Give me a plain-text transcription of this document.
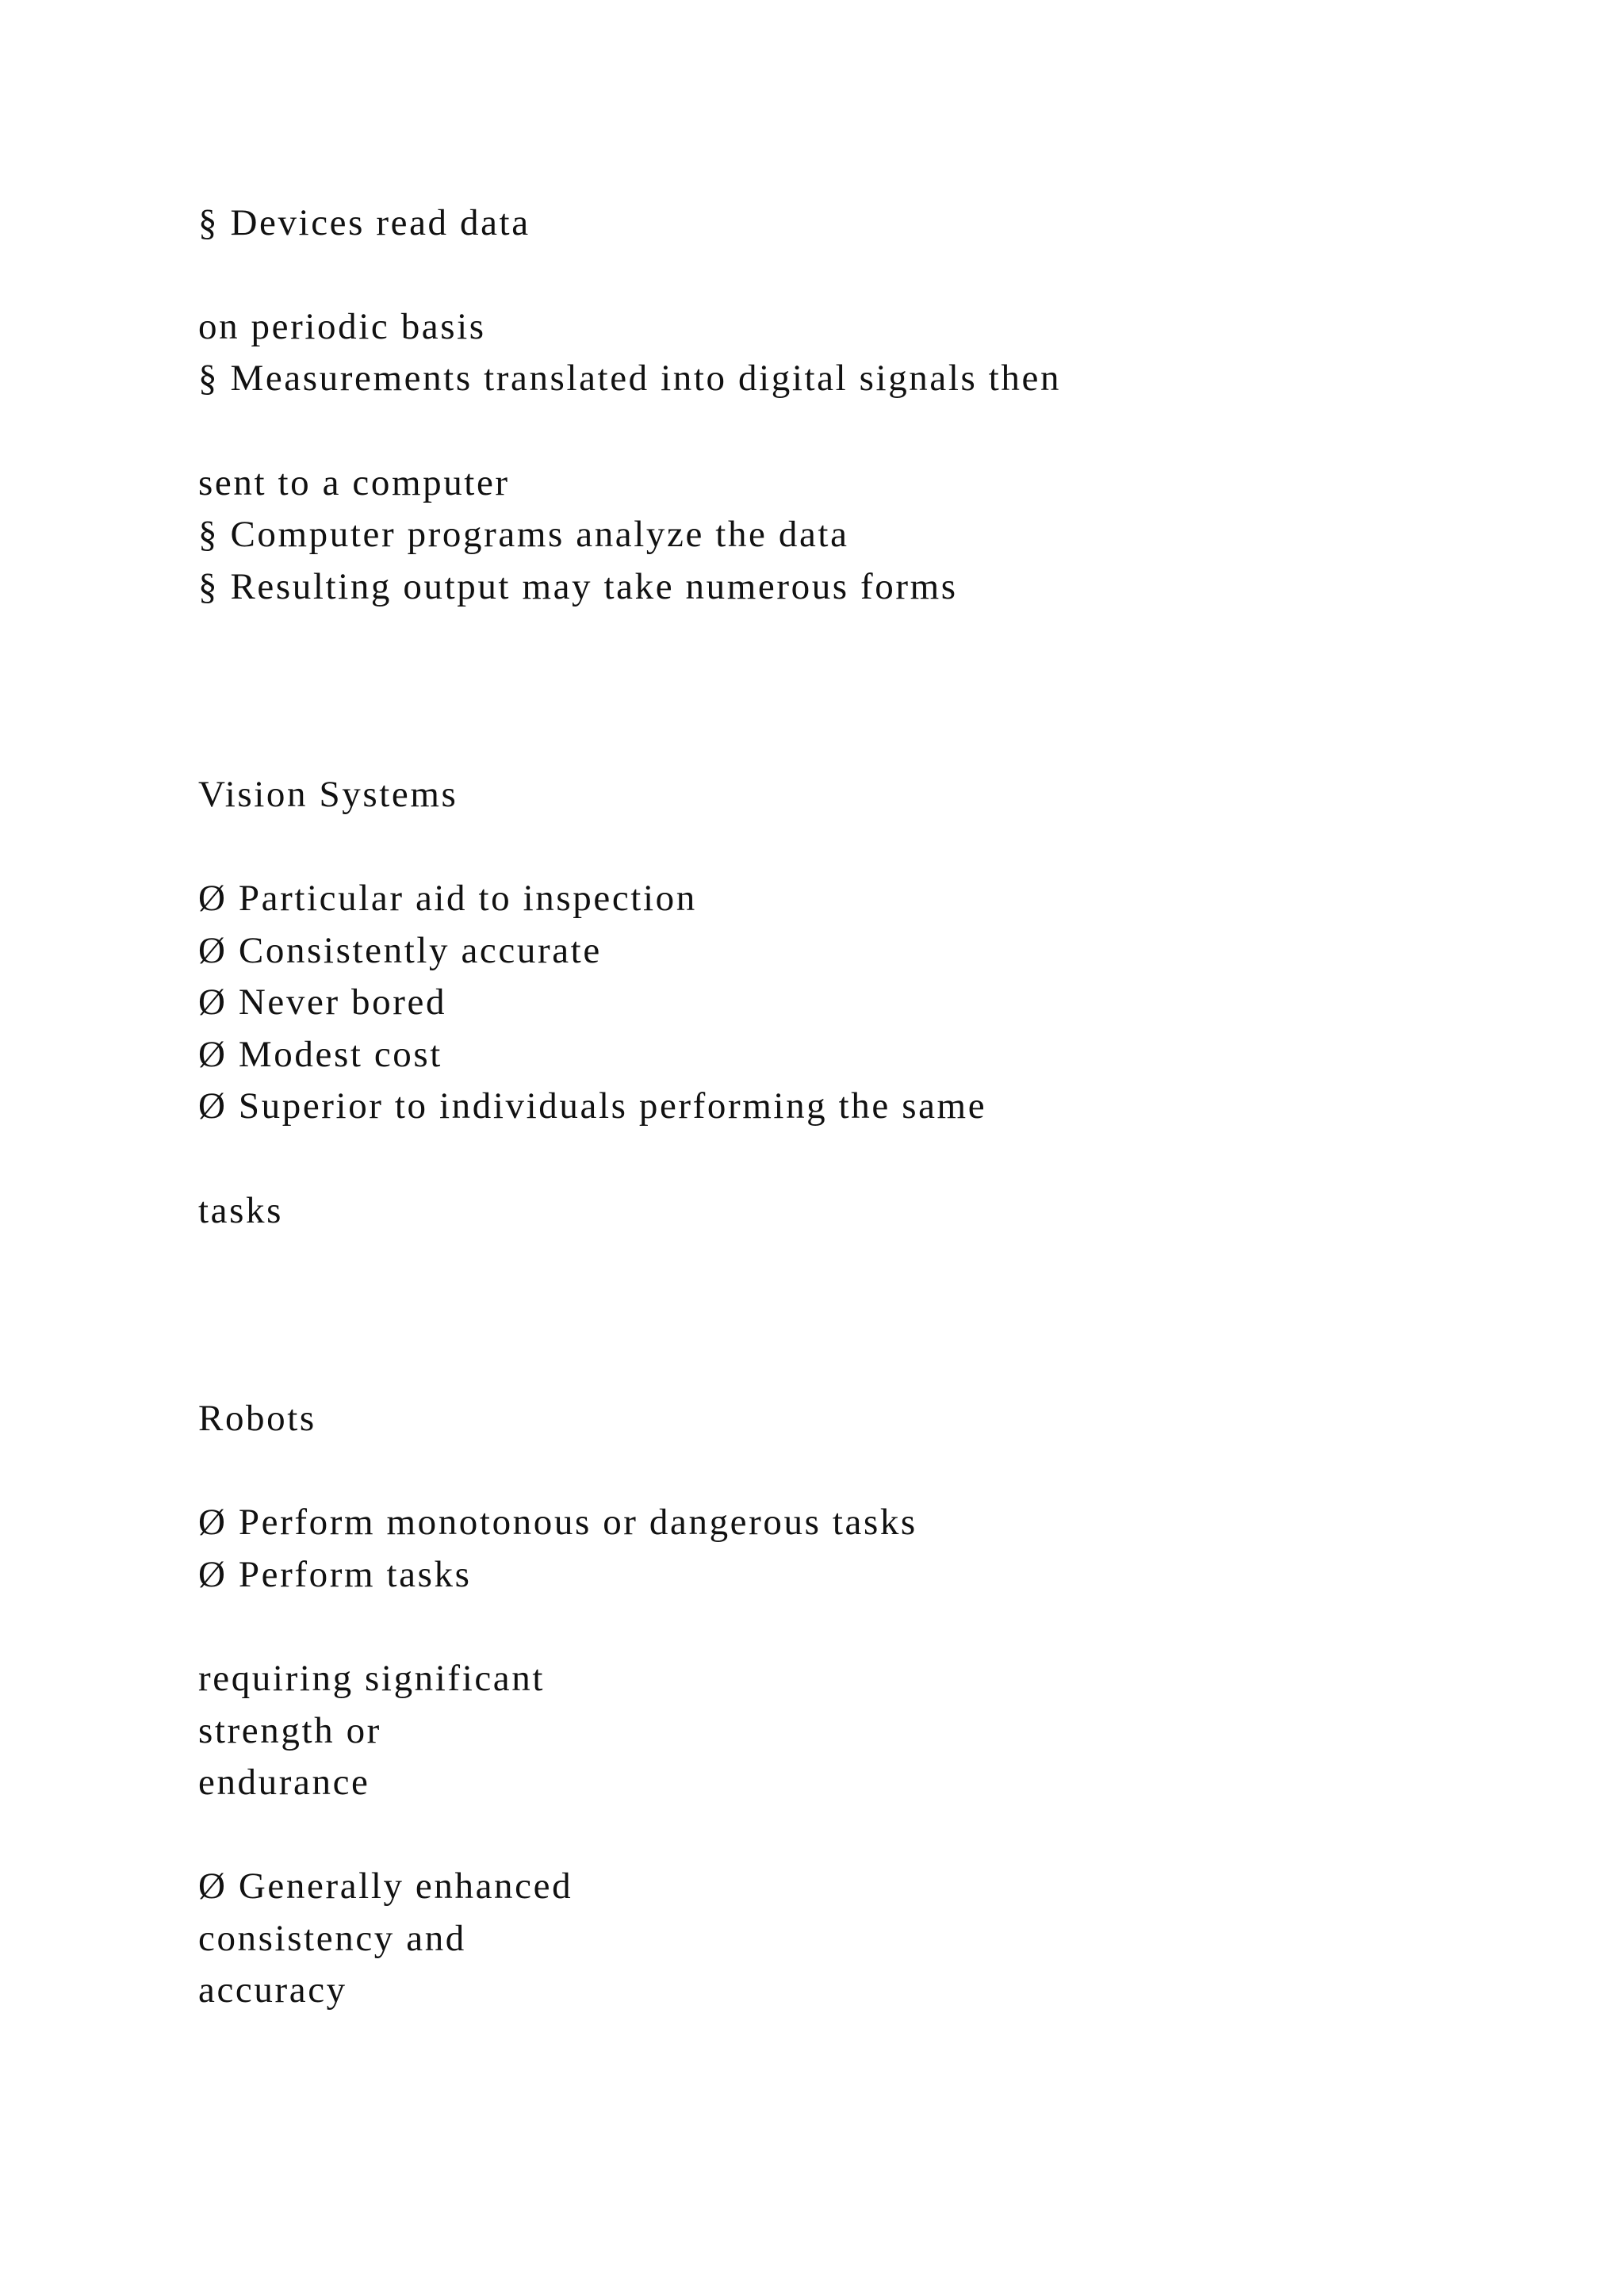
§ Devices read data

on periodic basis

§ Measurements translated into digital signals then

sent to a computer

§ Computer programs analyze the data

§ Resulting output may take numerous forms

Vision Systems

Ø Particular aid to inspection

Ø Consistently accurate

Ø Never bored

Ø Modest cost

Ø Superior to individuals performing the same

tasks

Robots

Ø Perform monotonous or dangerous tasks

Ø Perform tasks

requiring significant

strength or

endurance

Ø Generally enhanced

consistency and

accuracy
